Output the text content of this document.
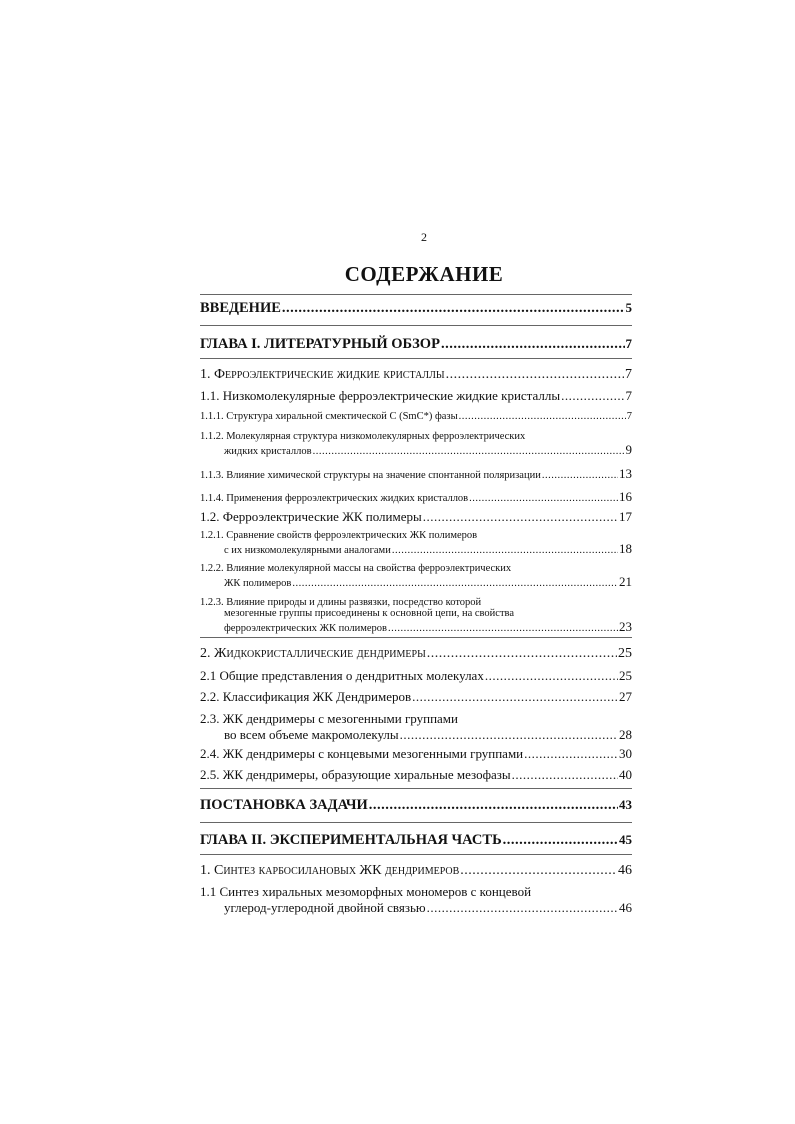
2
СОДЕРЖАНИЕ
ВВЕДЕНИЕ .....	5
ГЛАВА I. ЛИТЕРАТУРНЫЙ ОБЗОР .....	7
1. Ферроэлектрические жидкие кристаллы .....	7
1.1. Низкомолекулярные ферроэлектрические жидкие кристаллы .....	7
1.1.1. Структура хиральной смектической С (SmC*) фазы .....	7
1.1.2. Молекулярная структура низкомолекулярных ферроэлектрических
жидких кристаллов .....	9
1.1.3. Влияние химической структуры на значение спонтанной поляризации .....	13
1.1.4. Применения ферроэлектрических жидких кристаллов .....	16
1.2. Ферроэлектрические ЖК полимеры .....	17
1.2.1. Сравнение свойств ферроэлектрических ЖК полимеров
с их низкомолекулярными аналогами .....	18
1.2.2. Влияние молекулярной массы на свойства ферроэлектрических
ЖК полимеров .....	21
1.2.3. Влияние природы и длины развязки, посредство которой
мезогенные группы присоединены к основной цепи, на свойства
ферроэлектрических ЖК полимеров .....	23
2. Жидкокристаллические дендримеры .....	25
2.1 Общие представления о дендритных молекулах .....	25
2.2. Классификация ЖК Дендримеров .....	27
2.3. ЖК дендримеры с мезогенными группами
во всем объеме макромолекулы .....	28
2.4. ЖК дендримеры с концевыми мезогенными группами .....	30
2.5. ЖК дендримеры, образующие хиральные мезофазы .....	40
ПОСТАНОВКА ЗАДАЧИ .....	43
ГЛАВА II. ЭКСПЕРИМЕНТАЛЬНАЯ ЧАСТЬ .....	45
1. Синтез карбосилановых ЖК дендримеров .....	46
1.1 Синтез хиральных мезоморфных мономеров с концевой
углерод-углеродной двойной связью .....	46
